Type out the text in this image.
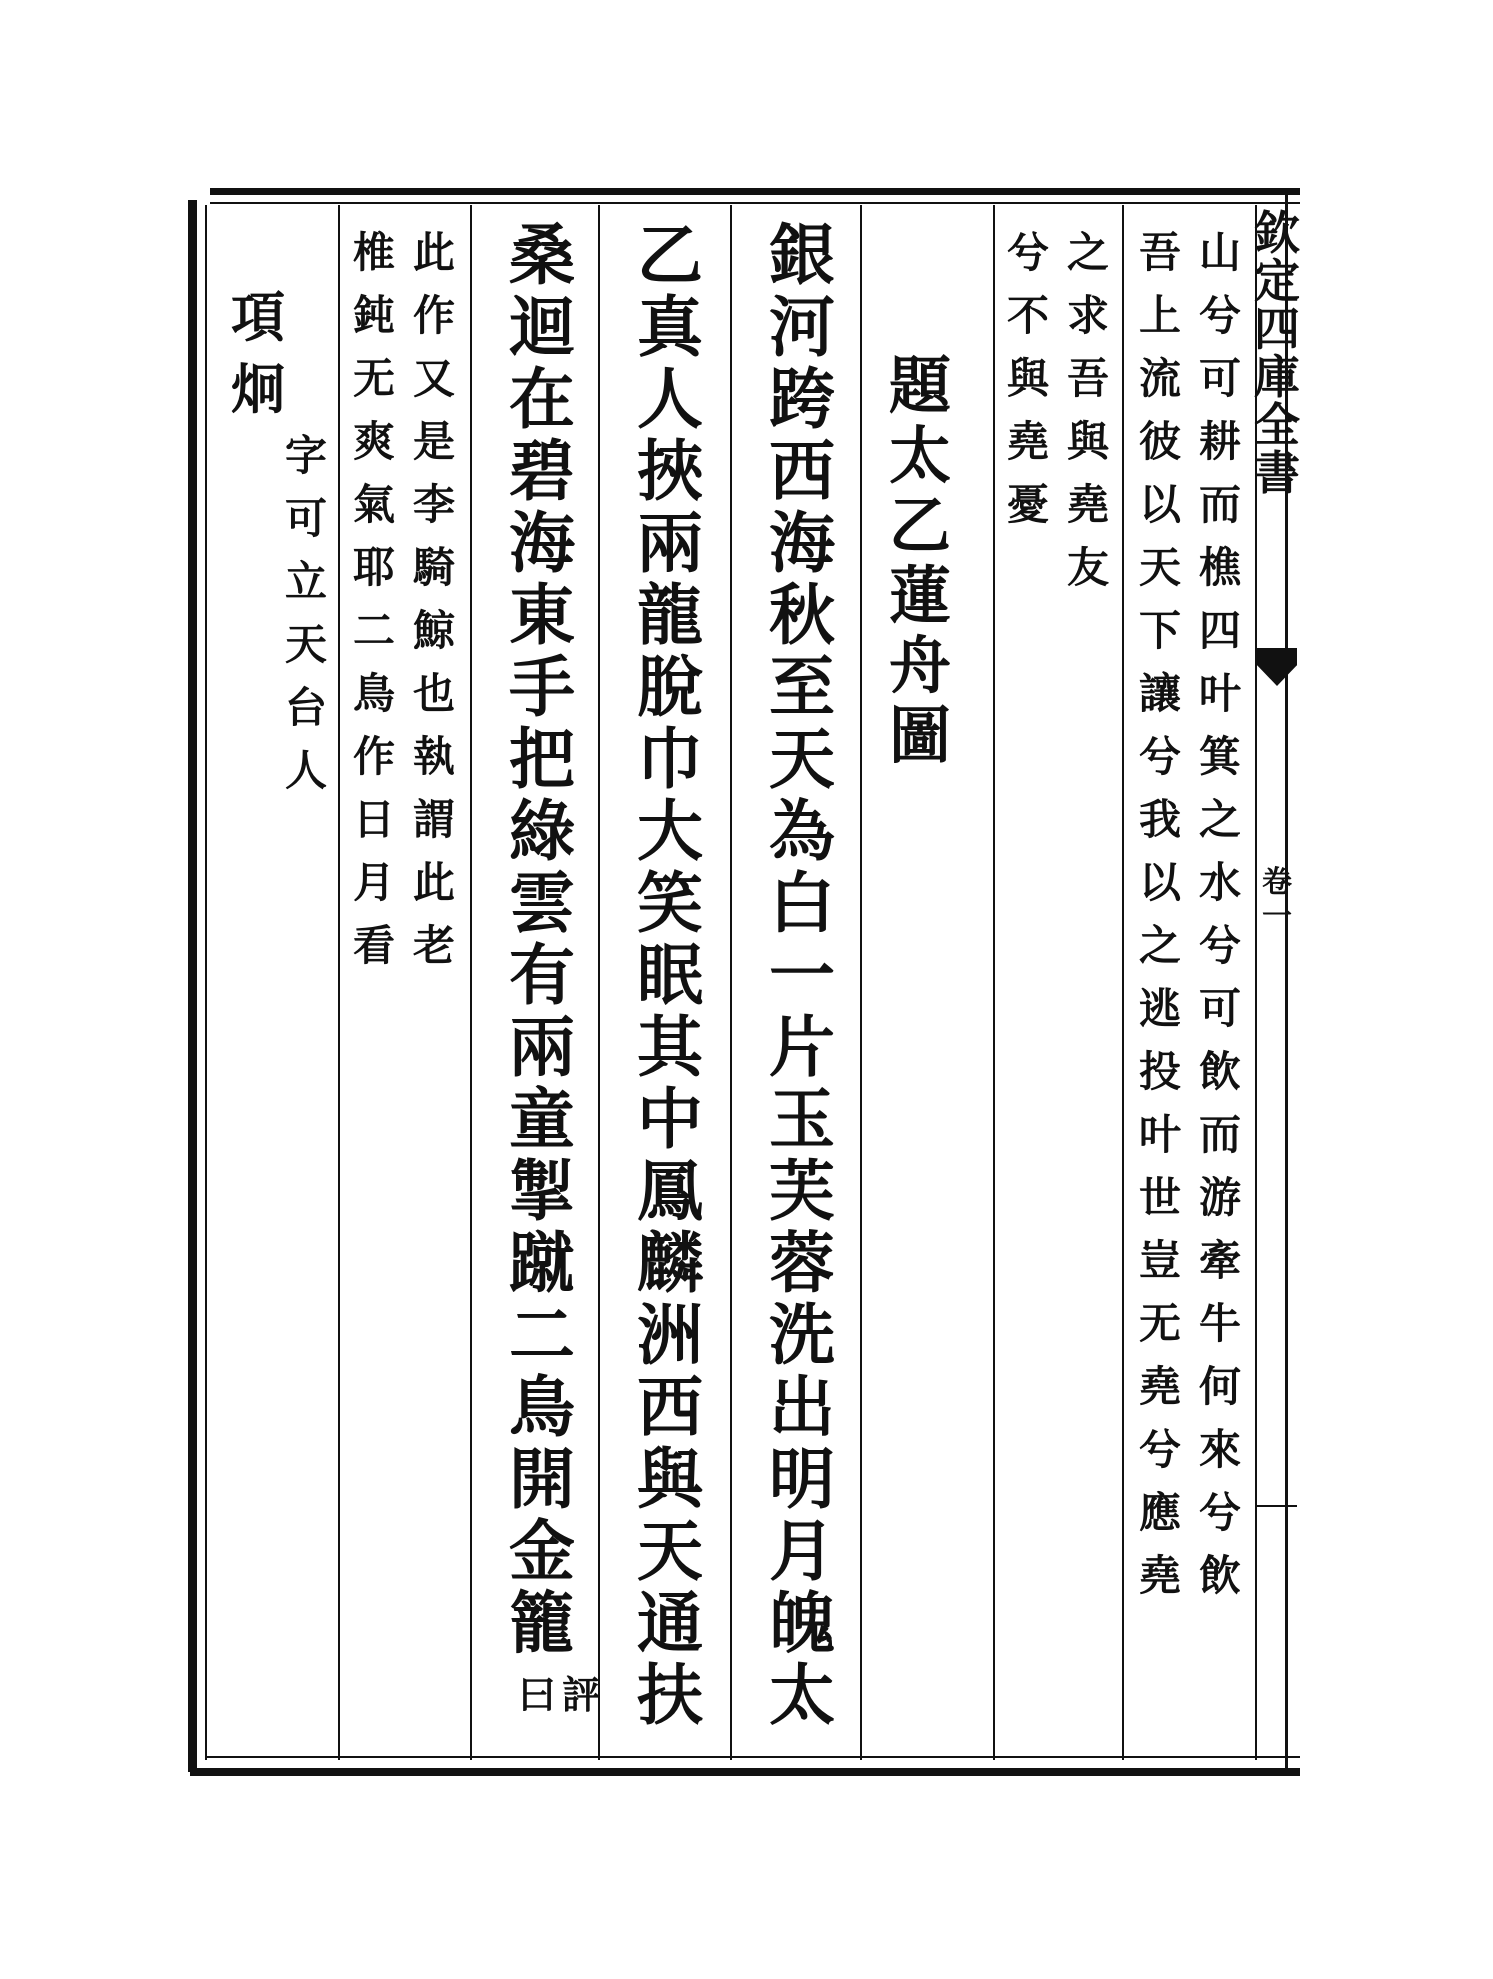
欽
定
四
庫
全
書
卷
一
山
兮
可
耕
而
樵
四
叶
箕
之
水
兮
可
飲
而
游
牽
牛
何
來
兮
飲
吾
上
流
彼
以
天
下
讓
兮
我
以
之
逃
投
叶
世
豈
无
堯
兮
應
堯
之
求
吾
與
堯
友
兮
不
與
堯
憂
題
太
乙
蓮
舟
圖
銀
河
跨
西
海
秋
至
天
為
白
一
片
玉
芙
蓉
洗
出
明
月
魄
太
乙
真
人
挾
兩
龍
脫
巾
大
笑
眠
其
中
鳳
麟
洲
西
與
天
通
扶
桑
迴
在
碧
海
東
手
把
綠
雲
有
兩
童
掣
蹴
二
鳥
開
金
籠
評
曰
此
作
又
是
李
騎
鯨
也
執
謂
此
老
椎
鈍
无
爽
氣
耶
二
鳥
作
日
月
看
項
炯
字
可
立
天
台
人
